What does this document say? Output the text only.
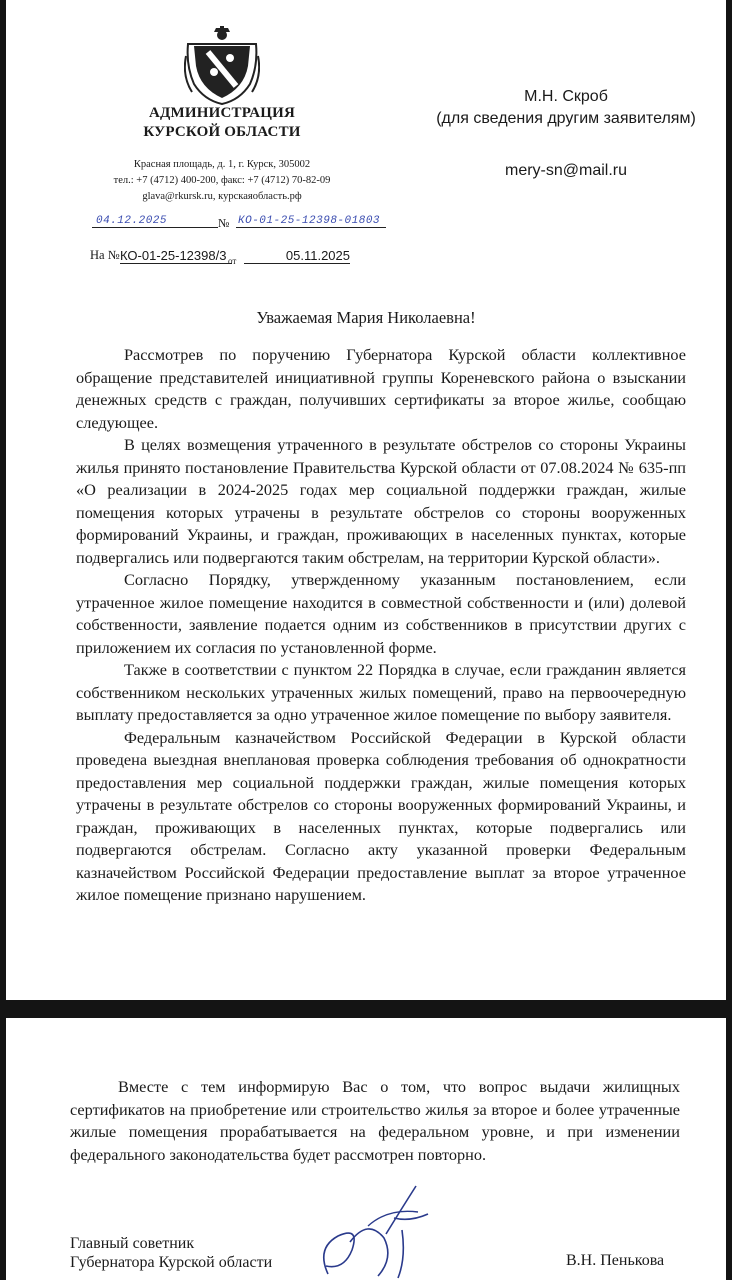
АДМИНИСТРАЦИЯ
КУРСКОЙ ОБЛАСТИ
Красная площадь, д. 1, г. Курск, 305002
тел.: +7 (4712) 400-200, факс: +7 (4712) 70-82-09
glava@rkursk.ru, курскаяобласть.рф
04.12.2025	№ КО-01-25-12398-01803
На № КО-01-25-12398/3 от	05.11.2025
М.Н. Скроб
(для сведения другим заявителям)
mery-sn@mail.ru
Уважаемая Мария Николаевна!

Рассмотрев по поручению Губернатора Курской области коллективное обращение представителей инициативной группы Кореневского района о взыскании денежных средств с граждан, получивших сертификаты за второе жилье, сообщаю следующее.

В целях возмещения утраченного в результате обстрелов со стороны Украины жилья принято постановление Правительства Курской области от 07.08.2024 № 635-пп «О реализации в 2024-2025 годах мер социальной поддержки граждан, жилые помещения которых утрачены в результате обстрелов со стороны вооруженных формирований Украины, и граждан, проживающих в населенных пунктах, которые подвергались или подвергаются таким обстрелам, на территории Курской области».

Согласно Порядку, утвержденному указанным постановлением, если утраченное жилое помещение находится в совместной собственности и (или) долевой собственности, заявление подается одним из собственников в присутствии других с приложением их согласия по установленной форме.

Также в соответствии с пунктом 22 Порядка в случае, если гражданин является собственником нескольких утраченных жилых помещений, право на первоочередную выплату предоставляется за одно утраченное жилое помещение по выбору заявителя.

Федеральным казначейством Российской Федерации в Курской области проведена выездная внеплановая проверка соблюдения требования об однократности предоставления мер социальной поддержки граждан, жилые помещения которых утрачены в результате обстрелов со стороны вооруженных формирований Украины, и граждан, проживающих в населенных пунктах, которые подвергались или подвергаются обстрелам. Согласно акту указанной проверки Федеральным казначейством Российской Федерации предоставление выплат за второе утраченное жилое помещение признано нарушением.

Вместе с тем информирую Вас о том, что вопрос выдачи жилищных сертификатов на приобретение или строительство жилья за второе и более утраченные жилые помещения прорабатывается на федеральном уровне, и при изменении федерального законодательства будет рассмотрен повторно.

Главный советник
Губернатора Курской области	В.Н. Пенькова
